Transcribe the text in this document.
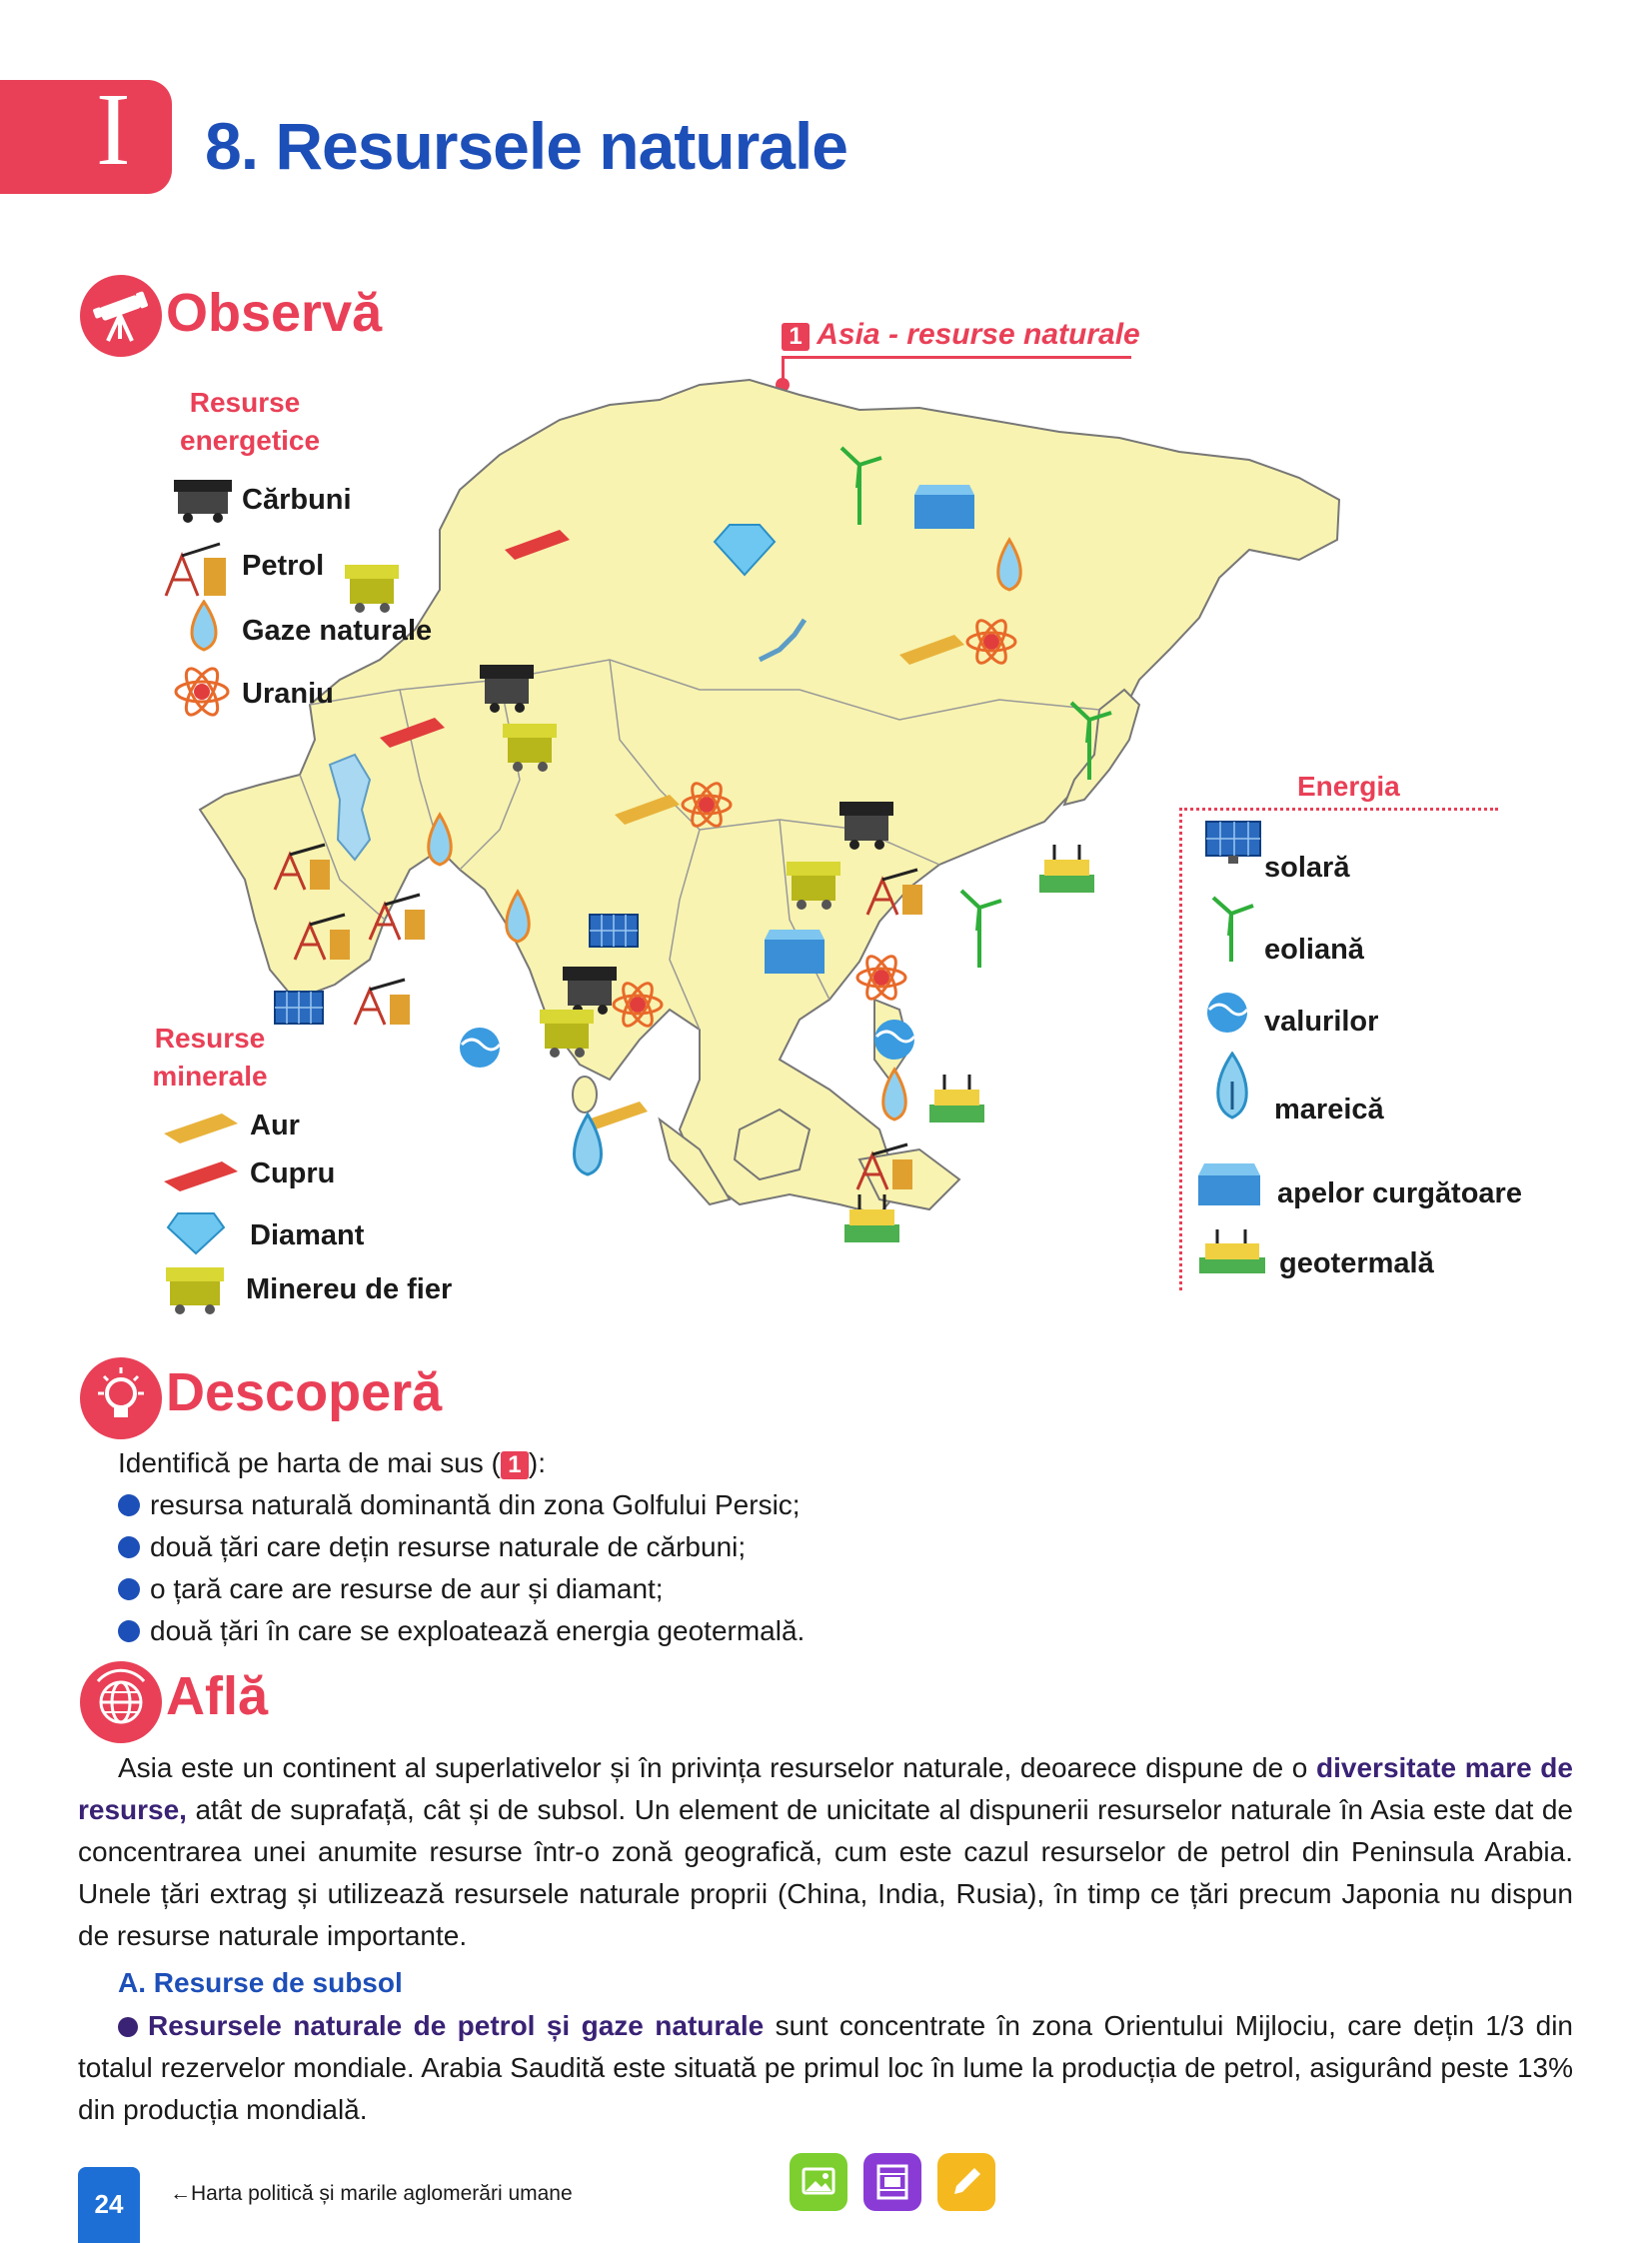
I 8. Resursele naturale
Observă	1 Asia - resurse naturale
Resurse
energetice
Cărbuni
Petrol
Gaze naturale
Uraniu
Resurse
minerale
Aur
Cupru
Diamant
Minereu de fier
Energia
solară
eoliană
valurilor
mareică
apelor curgătoare
geotermală
Descoperă
Identifică pe harta de mai sus ( 1 ):
resursa naturală dominantă din zona Golfului Persic;
două țări care dețin resurse naturale de cărbuni;
o țară care are resurse de aur și diamant;
două țări în care se exploatează energia geotermală.
Află
Asia este un continent al superlativelor și în privința resurselor naturale, deoarece dispune de o diversitate mare de resurse, atât de suprafață, cât și de subsol. Un element de unicitate al dispunerii resurselor naturale în Asia este dat de concentrarea unei anumite resurse într-o zonă geografică, cum este cazul resurselor de petrol din Peninsula Arabia. Unele țări extrag și utilizează resursele naturale proprii (China, India, Rusia), în timp ce țări precum Japonia nu dispun de resurse naturale importante.
A. Resurse de subsol
Resursele naturale de petrol și gaze naturale sunt concentrate în zona Orientului Mijlociu, care dețin 1/3 din totalul rezervelor mondiale. Arabia Saudită este situată pe primul loc în lume la producția de petrol, asigurând peste 13% din producția mondială.
24	←Harta politică și marile aglomerări umane
